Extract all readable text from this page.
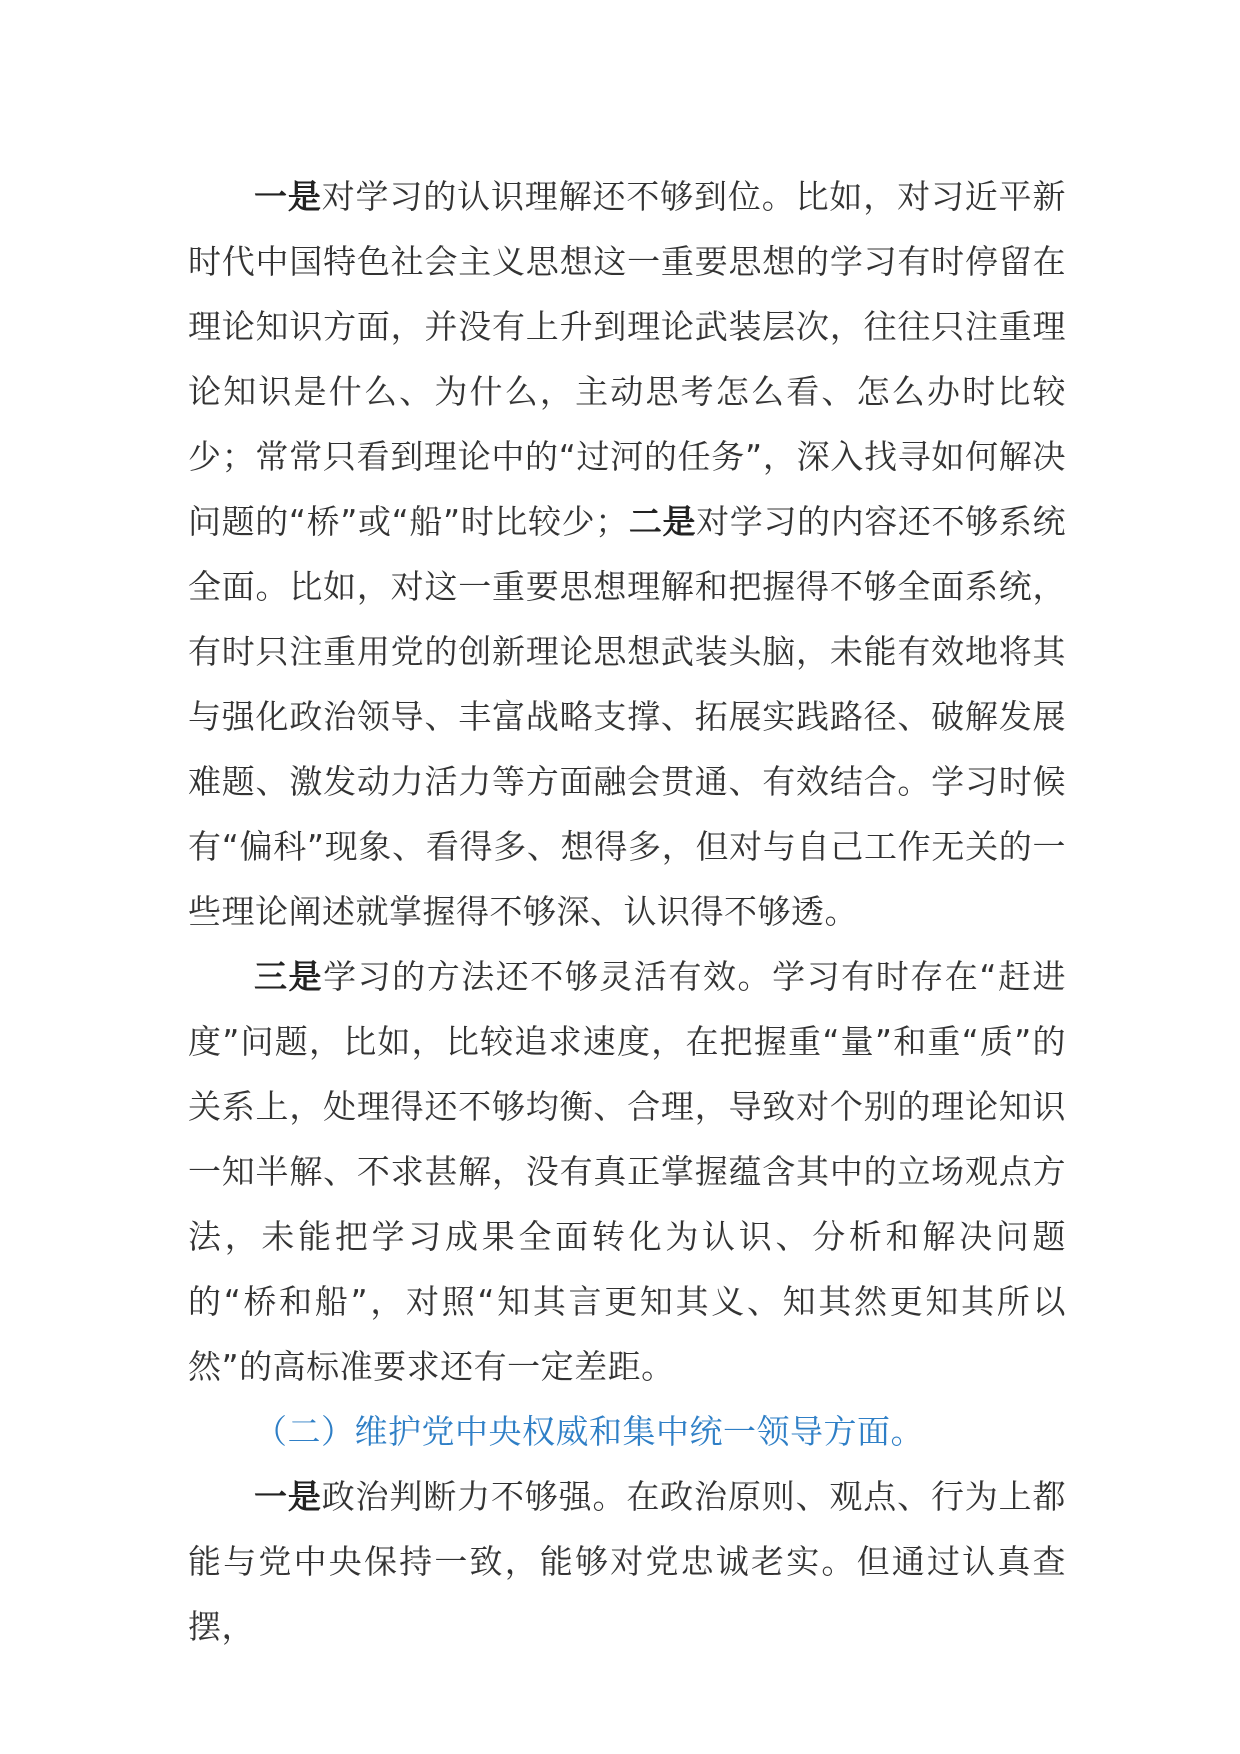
一是对学习的认识理解还不够到位。比如，对习近平新时代中国特色社会主义思想这一重要思想的学习有时停留在理论知识方面，并没有上升到理论武装层次，往往只注重理论知识是什么、为什么，主动思考怎么看、怎么办时比较少；常常只看到理论中的“过河的任务”，深入找寻如何解决问题的“桥”或“船”时比较少；二是对学习的内容还不够系统全面。比如，对这一重要思想理解和把握得不够全面系统，有时只注重用党的创新理论思想武装头脑，未能有效地将其与强化政治领导、丰富战略支撑、拓展实践路径、破解发展难题、激发动力活力等方面融会贯通、有效结合。学习时候有“偏科”现象、看得多、想得多，但对与自己工作无关的一些理论阐述就掌握得不够深、认识得不够透。

三是学习的方法还不够灵活有效。学习有时存在“赶进度”问题，比如，比较追求速度，在把握重“量”和重“质”的关系上，处理得还不够均衡、合理，导致对个别的理论知识一知半解、不求甚解，没有真正掌握蕴含其中的立场观点方法，未能把学习成果全面转化为认识、分析和解决问题的“桥和船”，对照“知其言更知其义、知其然更知其所以然”的高标准要求还有一定差距。

（二）维护党中央权威和集中统一领导方面。

一是政治判断力不够强。在政治原则、观点、行为上都能与党中央保持一致，能够对党忠诚老实。但通过认真查摆，
